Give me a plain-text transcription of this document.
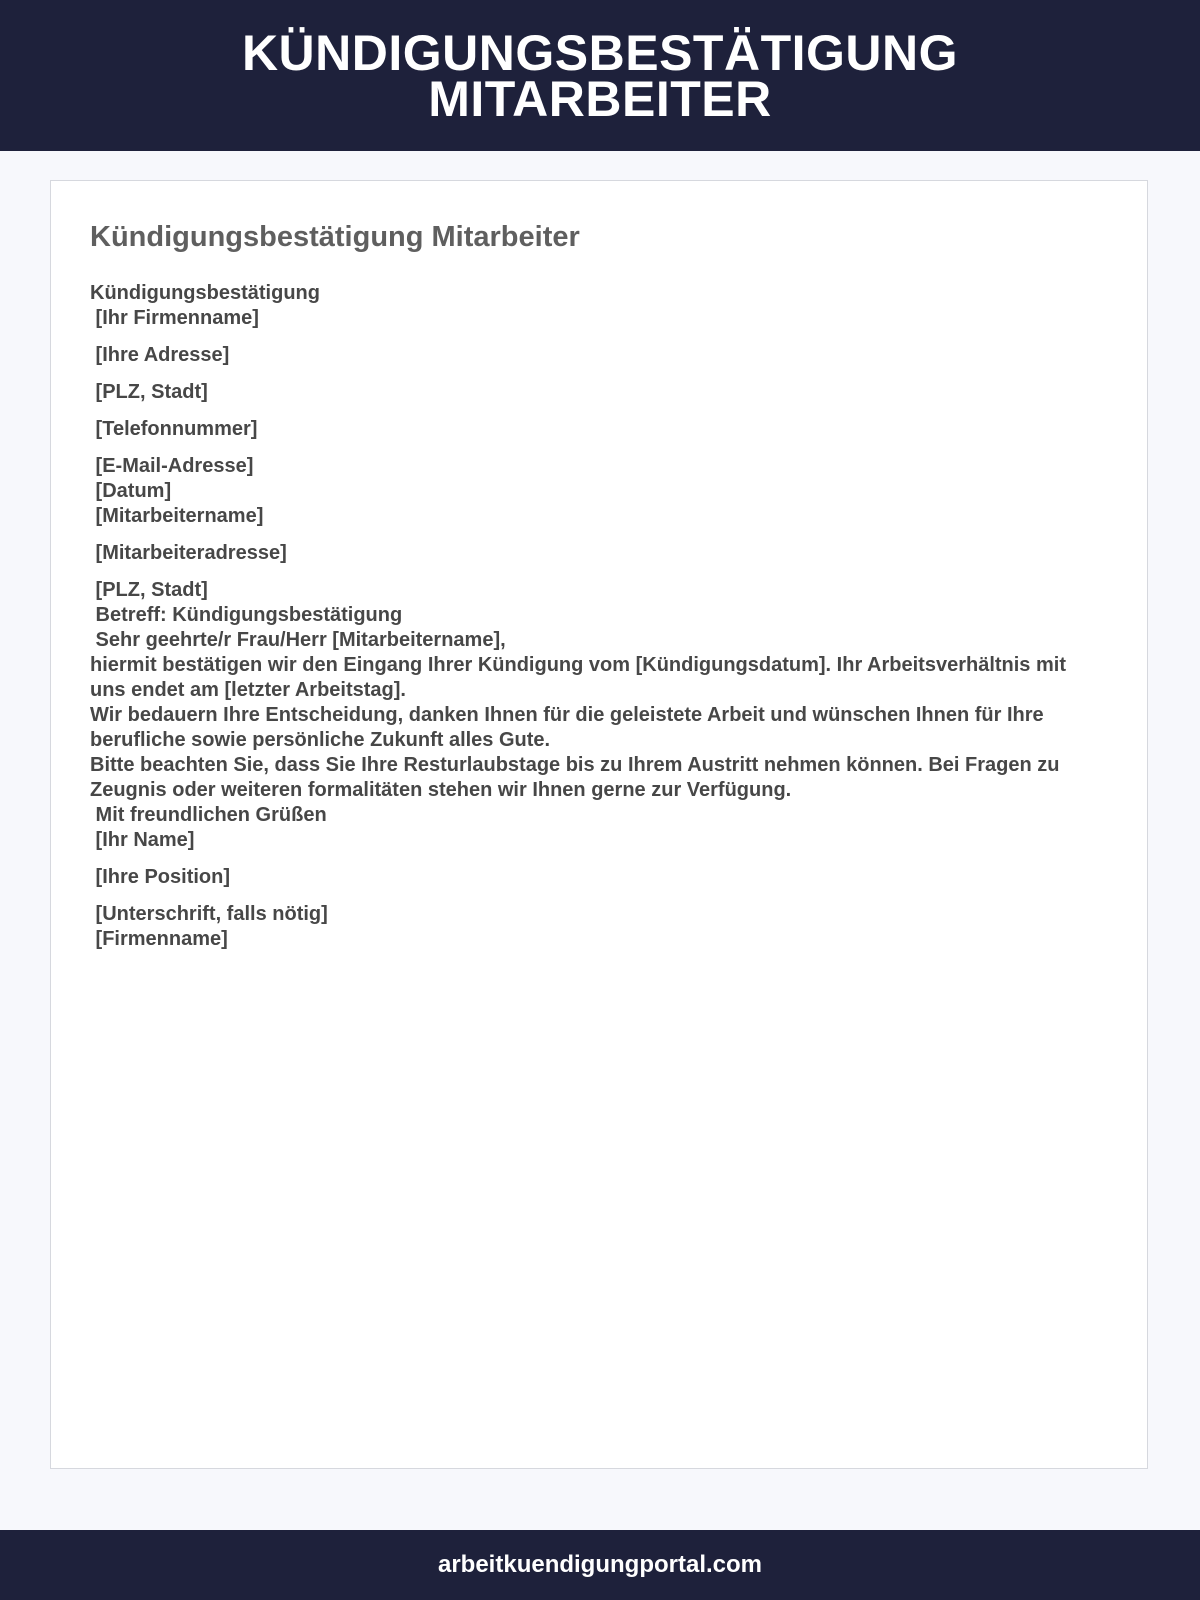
KÜNDIGUNGSBESTÄTIGUNG MITARBEITER
Kündigungsbestätigung Mitarbeiter
Kündigungsbestätigung
[Ihr Firmenname]
[Ihre Adresse]
[PLZ, Stadt]
[Telefonnummer]
[E-Mail-Adresse]
[Datum]
[Mitarbeitername]
[Mitarbeiteradresse]
[PLZ, Stadt]
Betreff: Kündigungsbestätigung
Sehr geehrte/r Frau/Herr [Mitarbeitername],
hiermit bestätigen wir den Eingang Ihrer Kündigung vom [Kündigungsdatum]. Ihr Arbeitsverhältnis mit uns endet am [letzter Arbeitstag].
Wir bedauern Ihre Entscheidung, danken Ihnen für die geleistete Arbeit und wünschen Ihnen für Ihre berufliche sowie persönliche Zukunft alles Gute.
Bitte beachten Sie, dass Sie Ihre Resturlaubstage bis zu Ihrem Austritt nehmen können. Bei Fragen zu Zeugnis oder weiteren formalitäten stehen wir Ihnen gerne zur Verfügung.
Mit freundlichen Grüßen
[Ihr Name]
[Ihre Position]
[Unterschrift, falls nötig]
[Firmenname]
arbeitkuendigungportal.com
